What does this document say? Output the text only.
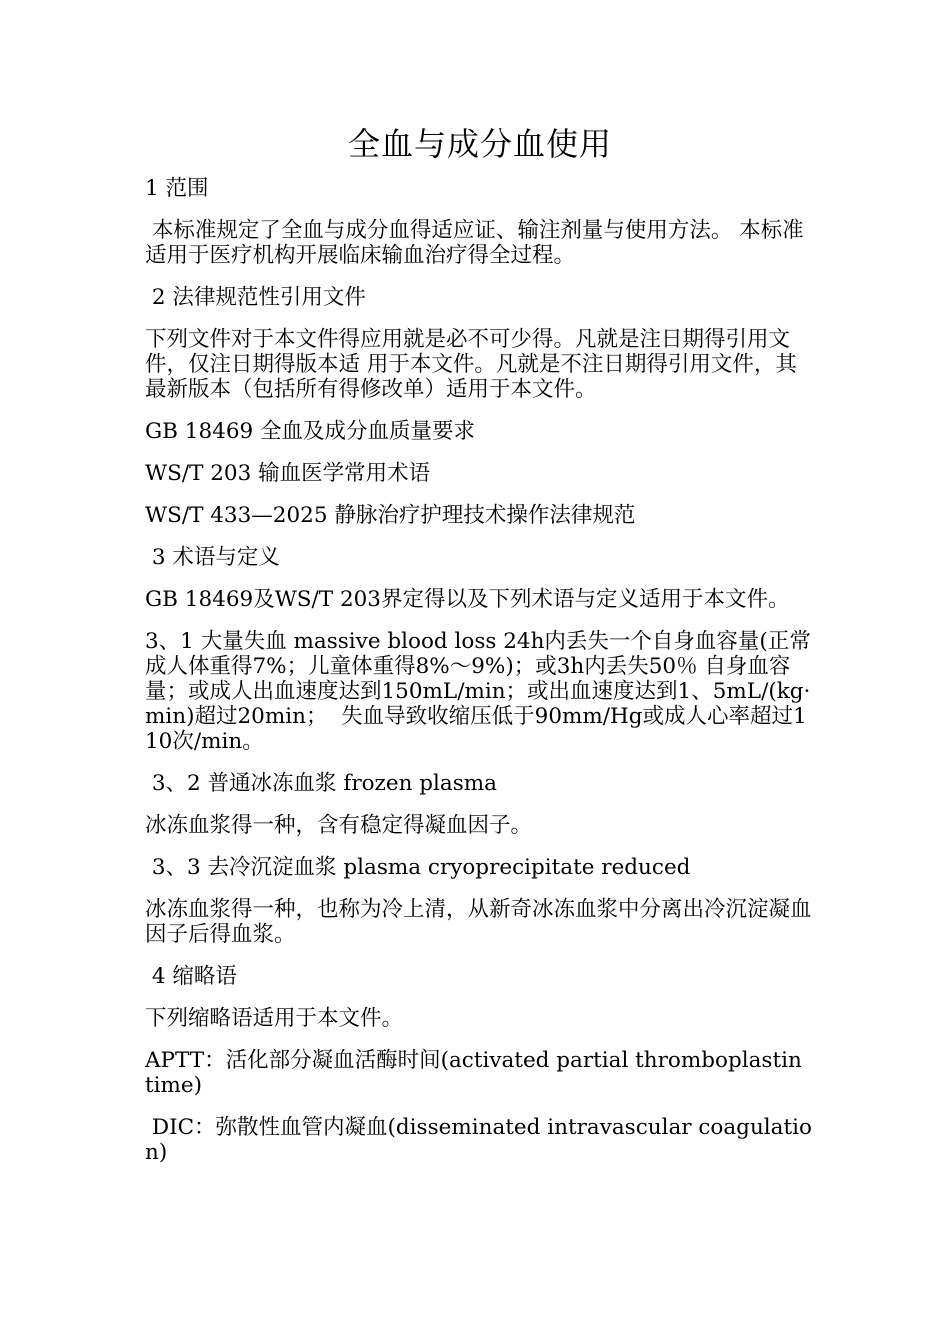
全血与成分血使用
1 范围
本标准规定了全血与成分血得适应证、输注剂量与使用方法。 本标准适用于医疗机构开展临床输血治疗得全过程。
2 法律规范性引用文件
下列文件对于本文件得应用就是必不可少得。凡就是注日期得引用文件，仅注日期得版本适 用于本文件。凡就是不注日期得引用文件，其最新版本（包括所有得修改单）适用于本文件。
GB 18469 全血及成分血质量要求
WS/T 203 输血医学常用术语
WS/T 433—2025 静脉治疗护理技术操作法律规范
3 术语与定义
GB 18469及WS/T 203界定得以及下列术语与定义适用于本文件。
3、1 大量失血 massive blood loss 24h内丢失一个自身血容量(正常成人体重得7%；儿童体重得8%～9%)；或3h内丢失50％ 自身血容量；或成人出血速度达到150mL/min；或出血速度达到1、5mL/(kg·min)超过20min；  失血导致收缩压低于90mm/Hg或成人心率超过110次/min。
3、2 普通冰冻血浆 frozen plasma
冰冻血浆得一种，含有稳定得凝血因子。
3、3 去冷沉淀血浆 plasma cryoprecipitate reduced
冰冻血浆得一种，也称为冷上清，从新奇冰冻血浆中分离出冷沉淀凝血因子后得血浆。
4 缩略语
下列缩略语适用于本文件。
APTT：活化部分凝血活酶时间(activated partial thromboplastin time)
DIC：弥散性血管内凝血(disseminated intravascular coagulation)
